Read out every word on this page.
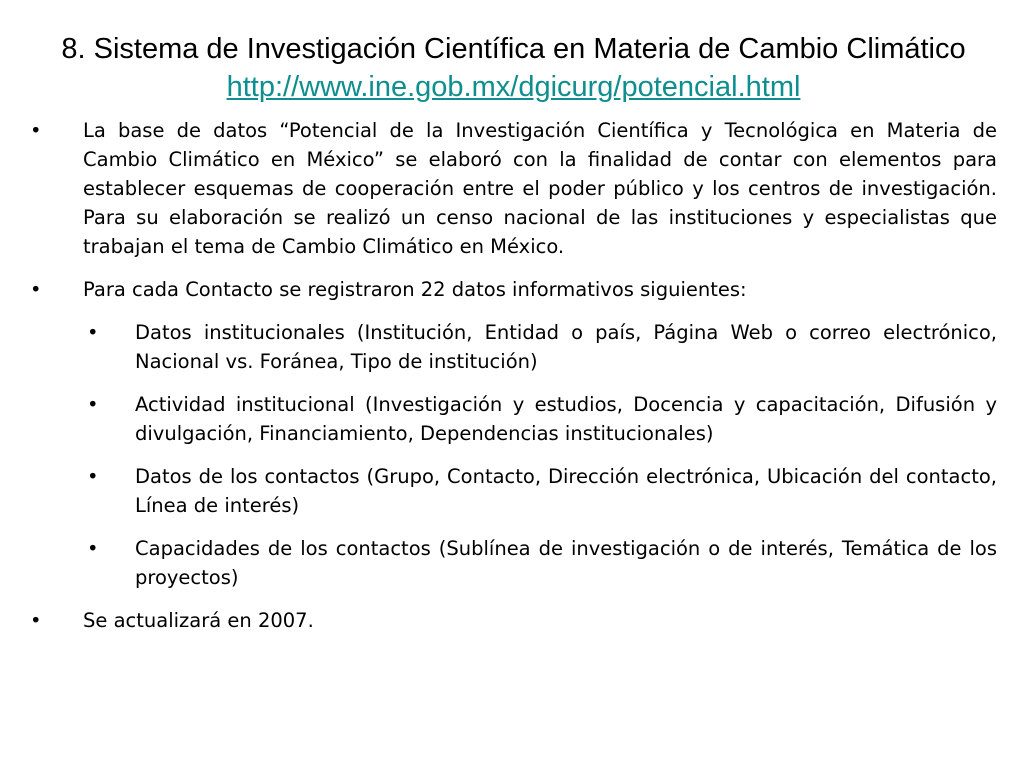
8. Sistema de Investigación Científica en Materia de Cambio Climático
http://www.ine.gob.mx/dgicurg/potencial.html
• La base de datos “Potencial de la Investigación Científica y Tecnológica en Materia de Cambio Climático en México” se elaboró con la finalidad de contar con elementos para establecer esquemas de cooperación entre el poder público y los centros de investigación. Para su elaboración se realizó un censo nacional de las instituciones y especialistas que trabajan el tema de Cambio Climático en México.
• Para cada Contacto se registraron 22 datos informativos siguientes:
• Datos institucionales (Institución, Entidad o país, Página Web o correo electrónico, Nacional vs. Foránea, Tipo de institución)
• Actividad institucional (Investigación y estudios, Docencia y capacitación, Difusión y divulgación, Financiamiento, Dependencias institucionales)
• Datos de los contactos (Grupo, Contacto, Dirección electrónica, Ubicación del contacto, Línea de interés)
• Capacidades de los contactos (Sublínea de investigación o de interés, Temática de los proyectos)
• Se actualizará en 2007.
